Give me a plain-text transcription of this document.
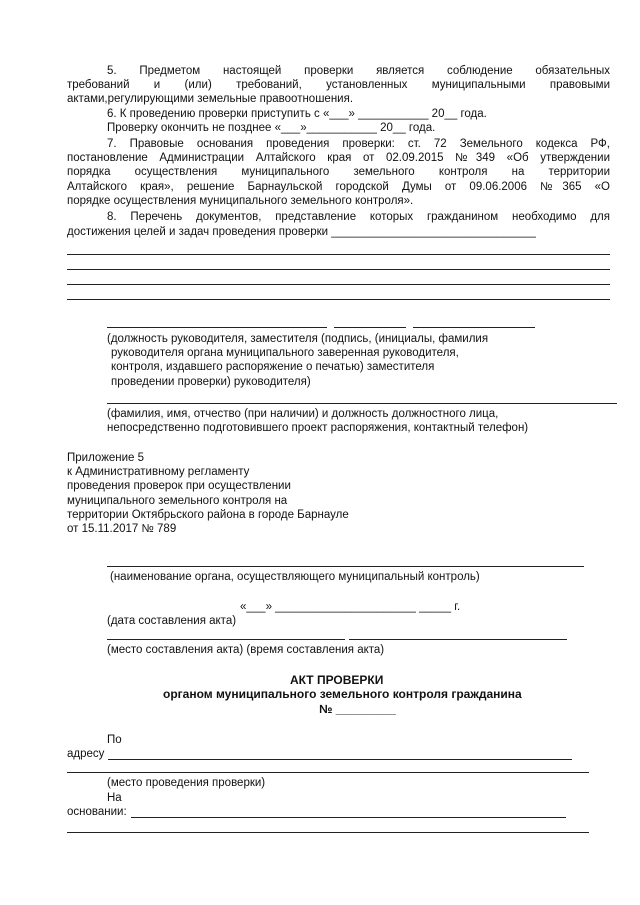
5. Предметом настоящей проверки является соблюдение обязательных
требований и (или) требований, установленных муниципальными правовыми
актами,регулирующими земельные правоотношения.
6. К проведению проверки приступить с «___» ___________ 20__ года.
Проверку окончить не позднее «___»___________ 20__ года.
7. Правовые основания проведения проверки: ст. 72 Земельного кодекса РФ,
постановление Администрации Алтайского края от 02.09.2015 №349 «Об утверждении
порядка осуществления муниципального земельного контроля на территории
Алтайского края», решение Барнаульской городской Думы от 09.06.2006 №365 «О
порядке осуществления муниципального земельного контроля».
8. Перечень документов, представление которых гражданином необходимо для
достижения целей и задач проведения проверки ________________________________
(должность руководителя, заместителя (подпись, (инициалы, фамилия
руководителя органа муниципального заверенная руководителя,
контроля, издавшего распоряжение о печатью) заместителя
проведении проверки) руководителя)
(фамилия, имя, отчество (при наличии) и должность должностного лица,
непосредственно подготовившего проект распоряжения, контактный телефон)
Приложение 5
к Административному регламенту
проведения проверок при осуществлении
муниципального земельного контроля на
территории Октябрьского района в городе Барнауле
от 15.11.2017 № 789
(наименование органа, осуществляющего муниципальный контроль)
«___» ______________________ _____ г.
(дата составления акта)
(место составления акта) (время составления акта)
АКТ ПРОВЕРКИ
органом муниципального земельного контроля гражданина
№ _________
По
адресу
(место проведения проверки)
На
основании:
